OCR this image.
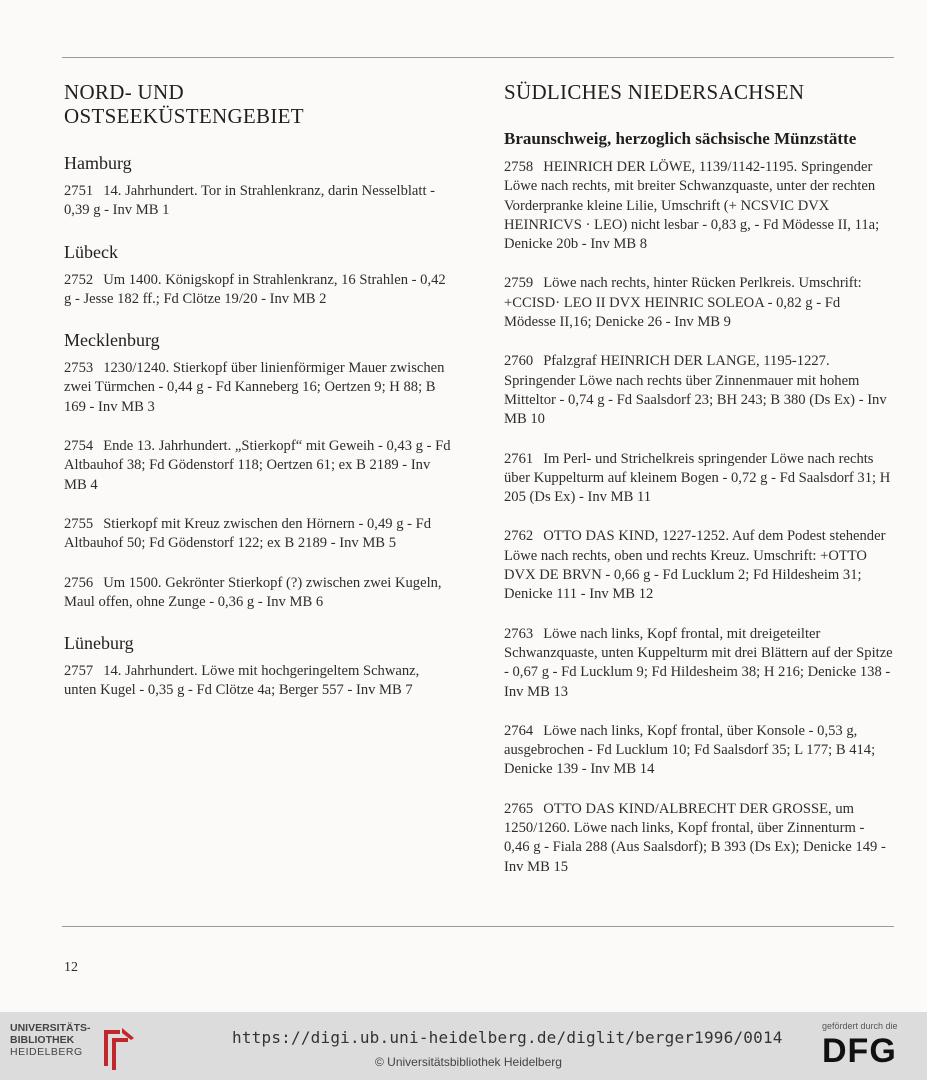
NORD- UND
OSTSEEKÜSTENGEBIET
Hamburg

2751 14. Jahrhundert. Tor in Strahlenkranz, darin Nesselblatt - 0,39 g - Inv MB 1

Lübeck

2752 Um 1400. Königskopf in Strahlenkranz, 16 Strahlen - 0,42 g - Jesse 182 ff.; Fd Clötze 19/20 - Inv MB 2

Mecklenburg

2753 1230/1240. Stierkopf über linienförmiger Mauer zwischen zwei Türmchen - 0,44 g - Fd Kanneberg 16; Oertzen 9; H 88; B 169 - Inv MB 3

2754 Ende 13. Jahrhundert. „Stierkopf“ mit Geweih - 0,43 g - Fd Altbauhof 38; Fd Gödenstorf 118; Oertzen 61; ex B 2189 - Inv MB 4

2755 Stierkopf mit Kreuz zwischen den Hörnern - 0,49 g - Fd Altbauhof 50; Fd Gödenstorf 122; ex B 2189 - Inv MB 5

2756 Um 1500. Gekrönter Stierkopf (?) zwischen zwei Kugeln, Maul offen, ohne Zunge - 0,36 g - Inv MB 6

Lüneburg

2757 14. Jahrhundert. Löwe mit hochgeringeltem Schwanz, unten Kugel - 0,35 g - Fd Clötze 4a; Berger 557 - Inv MB 7

SÜDLICHES NIEDERSACHSEN
Braunschweig, herzoglich sächsische Münzstätte

2758 HEINRICH DER LÖWE, 1139/1142-1195. Springender Löwe nach rechts, mit breiter Schwanzquaste, unter der rechten Vorderpranke kleine Lilie, Umschrift (+ NCSVIC DVX HEINRICVS · LEO) nicht lesbar - 0,83 g, - Fd Mödesse II, 11a; Denicke 20b - Inv MB 8

2759 Löwe nach rechts, hinter Rücken Perlkreis. Umschrift: +CCISD· LEO II DVX HEINRIC SOLEOA - 0,82 g - Fd Mödesse II,16; Denicke 26 - Inv MB 9

2760 Pfalzgraf HEINRICH DER LANGE, 1195-1227. Springender Löwe nach rechts über Zinnenmauer mit hohem Mitteltor - 0,74 g - Fd Saalsdorf 23; BH 243; B 380 (Ds Ex) - Inv MB 10

2761 Im Perl- und Strichelkreis springender Löwe nach rechts über Kuppelturm auf kleinem Bogen - 0,72 g - Fd Saalsdorf 31; H 205 (Ds Ex) - Inv MB 11

2762 OTTO DAS KIND, 1227-1252. Auf dem Podest stehender Löwe nach rechts, oben und rechts Kreuz. Umschrift: +OTTO DVX DE BRVN - 0,66 g - Fd Lucklum 2; Fd Hildesheim 31; Denicke 111 - Inv MB 12

2763 Löwe nach links, Kopf frontal, mit dreigeteilter Schwanzquaste, unten Kuppelturm mit drei Blättern auf der Spitze - 0,67 g - Fd Lucklum 9; Fd Hildesheim 38; H 216; Denicke 138 - Inv MB 13

2764 Löwe nach links, Kopf frontal, über Konsole - 0,53 g, ausgebrochen - Fd Lucklum 10; Fd Saalsdorf 35; L 177; B 414; Denicke 139 - Inv MB 14

2765 OTTO DAS KIND/ALBRECHT DER GROSSE, um 1250/1260. Löwe nach links, Kopf frontal, über Zinnenturm - 0,46 g - Fiala 288 (Aus Saalsdorf); B 393 (Ds Ex); Denicke 149 - Inv MB 15

12
UNIVERSITÄTS-
BIBLIOTHEK
HEIDELBERG
https://digi.ub.uni-heidelberg.de/diglit/berger1996/0014
© Universitätsbibliothek Heidelberg
gefördert durch die
DFG
